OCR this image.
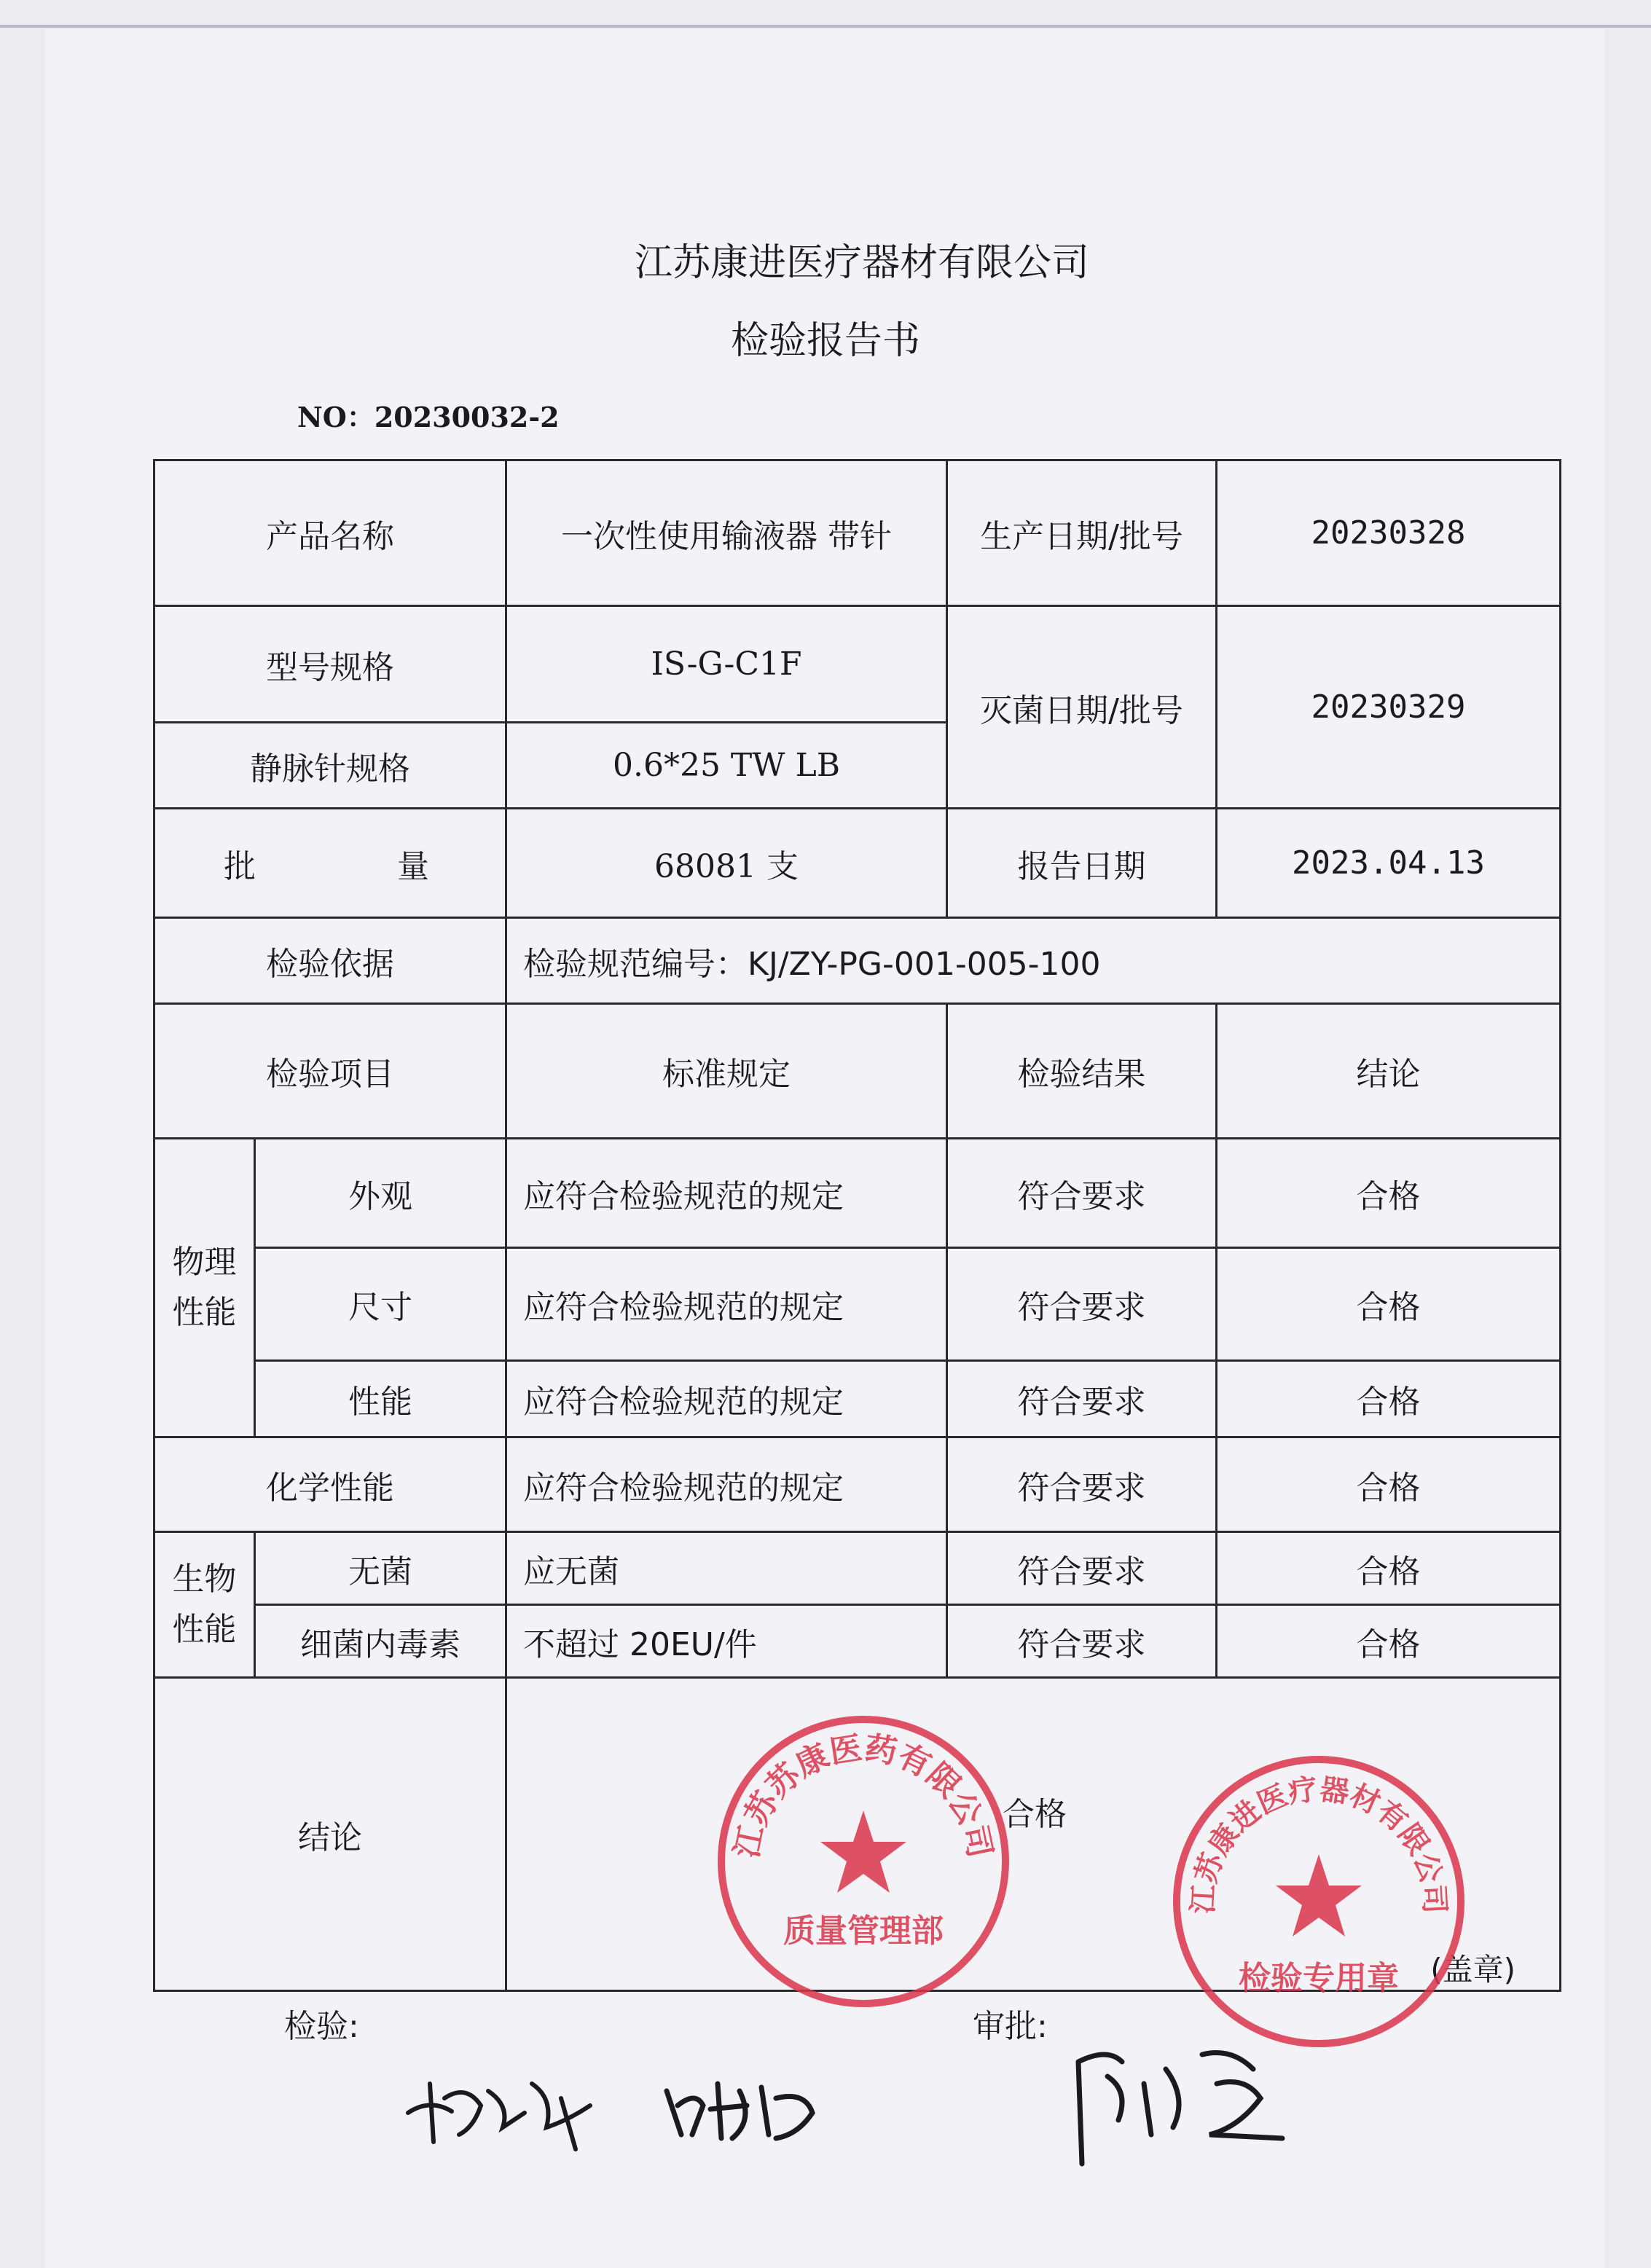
江苏康进医疗器材有限公司
检验报告书
NO：20230032-2
产品名称		一次性使用输液器 带针	生产日期/批号	20230328
型号规格		IS-G-C1F	灭菌日期/批号	20230329
静脉针规格		0.6*25 TW LB		
批 量		68081 支	报告日期	2023.04.13
检验依据		检验规范编号：KJ/ZY-PG-001-005-100		
检验项目		标准规定	检验结果	结论
物理性能	外观	应符合检验规范的规定	符合要求	合格
	尺寸	应符合检验规范的规定	符合要求	合格
	性能	应符合检验规范的规定	符合要求	合格
化学性能		应符合检验规范的规定	符合要求	合格
生物性能	无菌	应无菌	符合要求	合格
	细菌内毒素	不超过 20EU/件	符合要求	合格
结论		合格
(盖章)		
江苏苏康医药有限公司
质量管理部
江苏康进医疗器材有限公司
检验专用章
检验:	审批:
